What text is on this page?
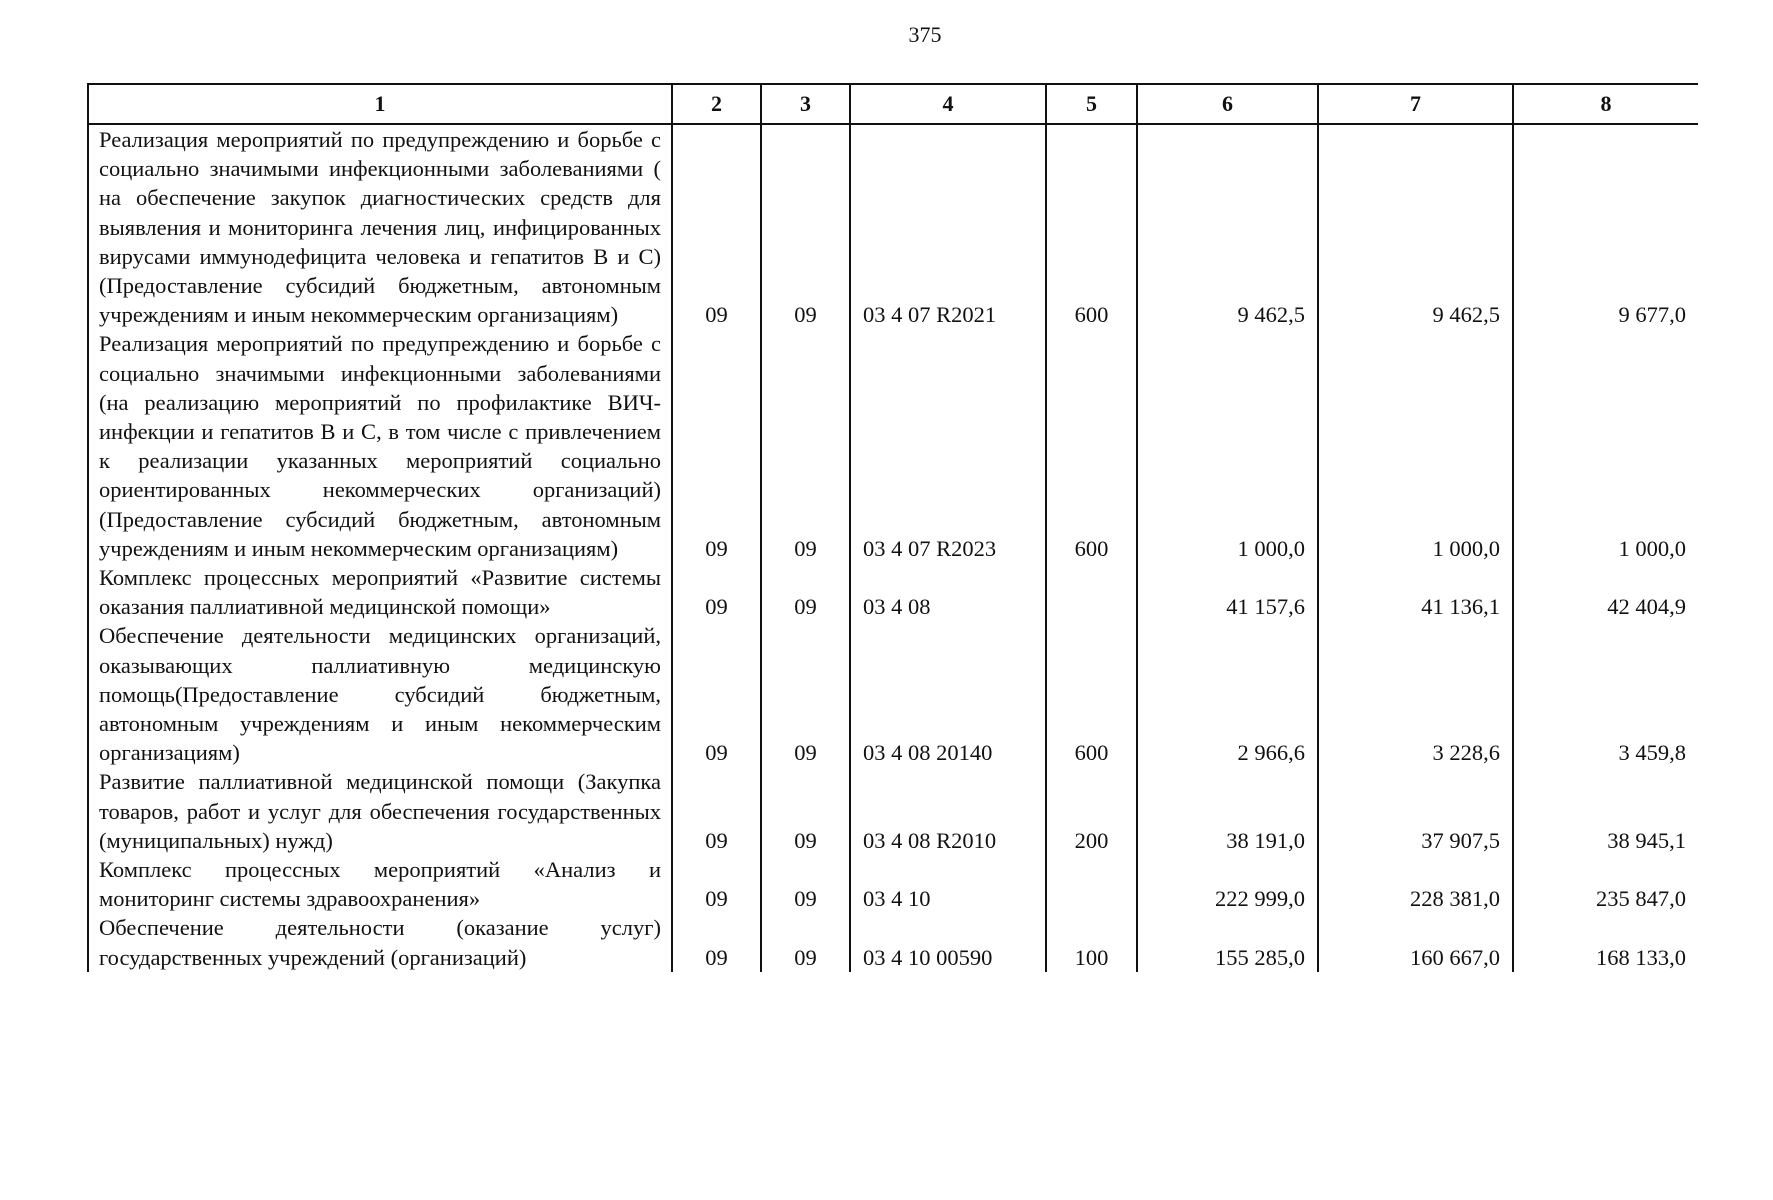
375
1	2	3	4	5	6	7	8
Реализация мероприятий по предупреждению и борьбе с социально значимыми инфекционными заболеваниями ( на обеспечение закупок диагностических средств для выявления и мониторинга лечения лиц, инфицированных вирусами иммунодефицита человека и гепатитов В и С) (Предоставление субсидий бюджетным, автономным учреждениям и иным некоммерческим организациям)	09	09	03 4 07 R2021	600	9 462,5	9 462,5	9 677,0
Реализация мероприятий по предупреждению и борьбе с социально значимыми инфекционными заболеваниями (на реализацию мероприятий по профилактике ВИЧ-инфекции и гепатитов В и С, в том числе с привлечением к реализации указанных мероприятий социально ориентированных некоммерческих организаций) (Предоставление субсидий бюджетным, автономным учреждениям и иным некоммерческим организациям)	09	09	03 4 07 R2023	600	1 000,0	1 000,0	1 000,0
Комплекс процессных мероприятий «Развитие системы оказания паллиативной медицинской помощи»	09	09	03 4 08		41 157,6	41 136,1	42 404,9
Обеспечение деятельности медицинских организаций, оказывающих паллиативную медицинскую помощь(Предоставление субсидий бюджетным, автономным учреждениям и иным некоммерческим организациям)	09	09	03 4 08 20140	600	2 966,6	3 228,6	3 459,8
Развитие паллиативной медицинской помощи (Закупка товаров, работ и услуг для обеспечения государственных (муниципальных) нужд)	09	09	03 4 08 R2010	200	38 191,0	37 907,5	38 945,1
Комплекс процессных мероприятий «Анализ и мониторинг системы здравоохранения»	09	09	03 4 10		222 999,0	228 381,0	235 847,0
Обеспечение деятельности (оказание услуг) государственных учреждений (организаций)	09	09	03 4 10 00590	100	155 285,0	160 667,0	168 133,0
